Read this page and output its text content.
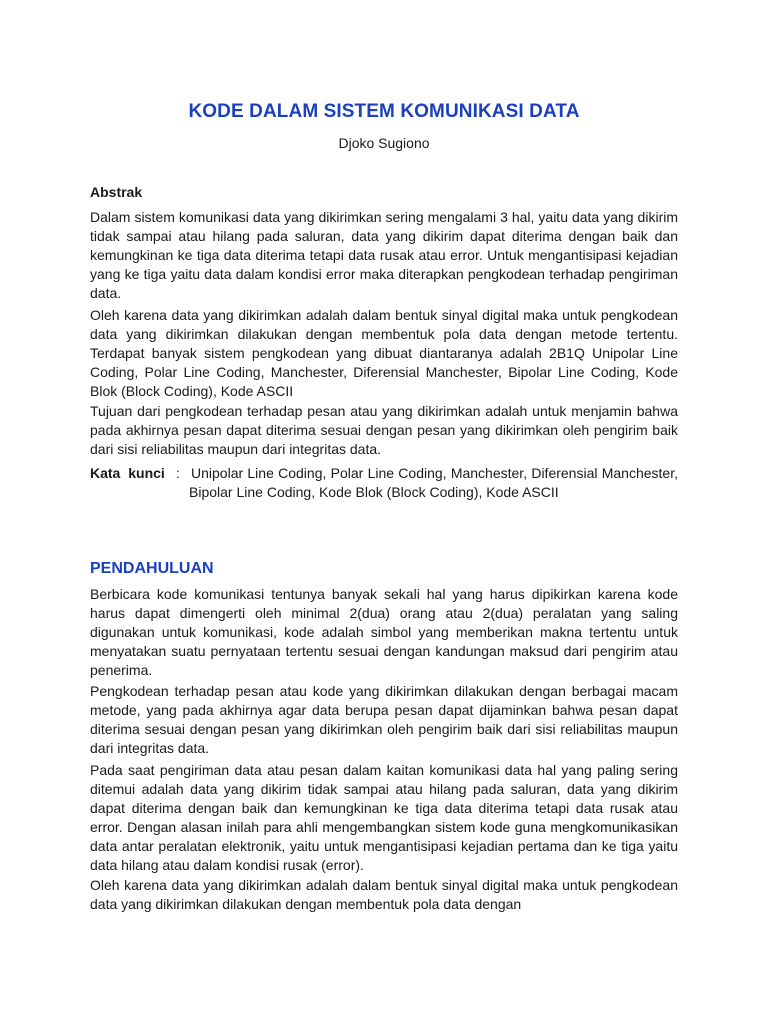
KODE DALAM SISTEM KOMUNIKASI DATA

Djoko Sugiono

Abstrak

Dalam sistem komunikasi data yang dikirimkan sering mengalami 3 hal, yaitu data yang dikirim tidak sampai atau hilang pada saluran, data yang dikirim dapat diterima dengan baik dan kemungkinan ke tiga data diterima tetapi data rusak atau error. Untuk mengantisipasi kejadian yang ke tiga yaitu data dalam kondisi error maka diterapkan pengkodean terhadap pengiriman data.

Oleh karena data yang dikirimkan adalah dalam bentuk sinyal digital maka untuk pengkodean data yang dikirimkan dilakukan dengan membentuk pola data dengan metode tertentu. Terdapat banyak sistem pengkodean yang dibuat diantaranya adalah 2B1Q Unipolar Line Coding, Polar Line Coding, Manchester, Diferensial Manchester, Bipolar Line Coding, Kode Blok (Block Coding), Kode ASCII

Tujuan dari pengkodean terhadap pesan atau yang dikirimkan adalah untuk menjamin bahwa pada akhirnya pesan dapat diterima sesuai dengan pesan yang dikirimkan oleh pengirim baik dari sisi reliabilitas maupun dari integritas data.

Kata kunci : Unipolar Line Coding, Polar Line Coding, Manchester, Diferensial Manchester, Bipolar Line Coding, Kode Blok (Block Coding), Kode ASCII
PENDAHULUAN

Berbicara kode komunikasi tentunya banyak sekali hal yang harus dipikirkan karena kode harus dapat dimengerti oleh minimal 2(dua) orang atau 2(dua) peralatan yang saling digunakan untuk komunikasi, kode adalah simbol yang memberikan makna tertentu untuk menyatakan suatu pernyataan tertentu sesuai dengan kandungan maksud dari pengirim atau penerima.

Pengkodean terhadap pesan atau kode yang dikirimkan dilakukan dengan berbagai macam metode, yang pada akhirnya agar data berupa pesan dapat dijaminkan bahwa pesan dapat diterima sesuai dengan pesan yang dikirimkan oleh pengirim baik dari sisi reliabilitas maupun dari integritas data.

Pada saat pengiriman data atau pesan dalam kaitan komunikasi data hal yang paling sering ditemui adalah data yang dikirim tidak sampai atau hilang pada saluran, data yang dikirim dapat diterima dengan baik dan kemungkinan ke tiga data diterima tetapi data rusak atau error. Dengan alasan inilah para ahli mengembangkan sistem kode guna mengkomunikasikan data antar peralatan elektronik, yaitu untuk mengantisipasi kejadian pertama dan ke tiga yaitu data hilang atau dalam kondisi rusak (error).

Oleh karena data yang dikirimkan adalah dalam bentuk sinyal digital maka untuk pengkodean data yang dikirimkan dilakukan dengan membentuk pola data dengan
